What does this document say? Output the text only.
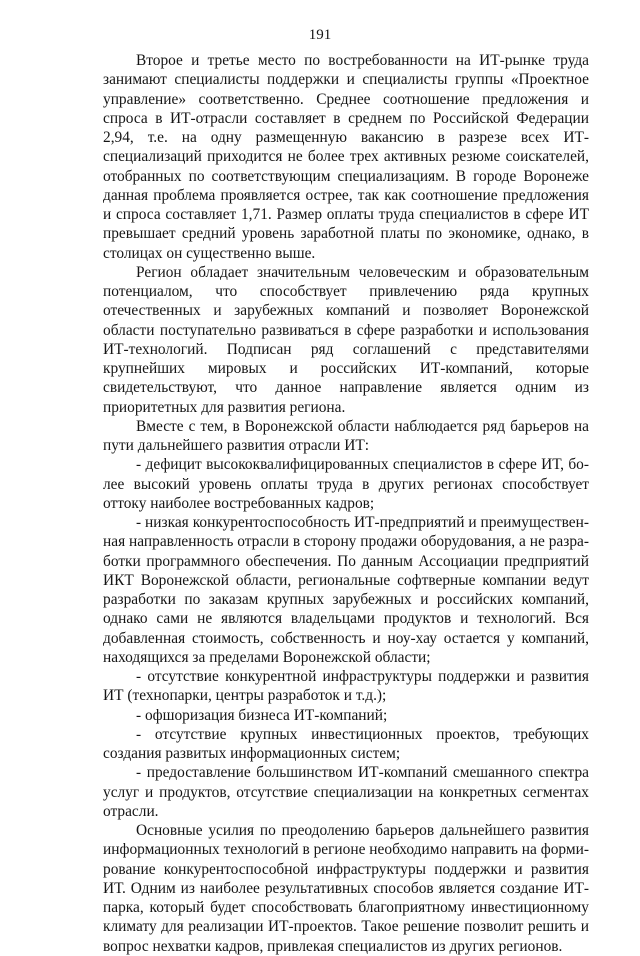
191

Второе и третье место по востребованности на ИТ-рынке труда занимают специалисты поддержки и специалисты группы «Проектное управление» соответственно. Среднее соотношение предложения и спроса в ИТ-отрасли составляет в среднем по Российской Федерации 2,94, т.е. на одну размещенную вакансию в разрезе всех ИТ-специализаций приходится не более трех активных резюме соискателей, отобранных по соответствующим специализациям. В городе Воронеже данная проблема проявляется острее, так как соотношение предложения и спроса составляет 1,71. Размер оплаты труда специалистов в сфере ИТ превышает средний уровень заработной платы по экономике, однако, в столицах он существенно выше.

Регион обладает значительным человеческим и образовательным потенциалом, что способствует привлечению ряда крупных отечественных и зарубежных компаний и позволяет Воронежской области поступательно развиваться в сфере разработки и использования ИТ-технологий. Подписан ряд соглашений с представителями крупнейших мировых и российских ИТ-компаний, которые свидетельствуют, что данное направление является одним из приоритетных для развития региона.

Вместе с тем, в Воронежской области наблюдается ряд барьеров на пути дальнейшего развития отрасли ИТ:

- дефицит высококвалифицированных специалистов в сфере ИТ, более высокий уровень оплаты труда в других регионах способствует оттоку наиболее востребованных кадров;

- низкая конкурентоспособность ИТ-предприятий и преимущественная направленность отрасли в сторону продажи оборудования, а не разработки программного обеспечения. По данным Ассоциации предприятий ИКТ Воронежской области, региональные софтверные компании ведут разработки по заказам крупных зарубежных и российских компаний, однако сами не являются владельцами продуктов и технологий. Вся добавленная стоимость, собственность и ноу-хау остается у компаний, находящихся за пределами Воронежской области;

- отсутствие конкурентной инфраструктуры поддержки и развития ИТ (технопарки, центры разработок и т.д.);

- офшоризация бизнеса ИТ-компаний;

- отсутствие крупных инвестиционных проектов, требующих создания развитых информационных систем;

- предоставление большинством ИТ-компаний смешанного спектра услуг и продуктов, отсутствие специализации на конкретных сегментах отрасли.

Основные усилия по преодолению барьеров дальнейшего развития информационных технологий в регионе необходимо направить на формирование конкурентоспособной инфраструктуры поддержки и развития ИТ. Одним из наиболее результативных способов является создание ИТ-парка, который будет способствовать благоприятному инвестиционному климату для реализации ИТ-проектов. Такое решение позволит решить и вопрос нехватки кадров, привлекая специалистов из других регионов.
